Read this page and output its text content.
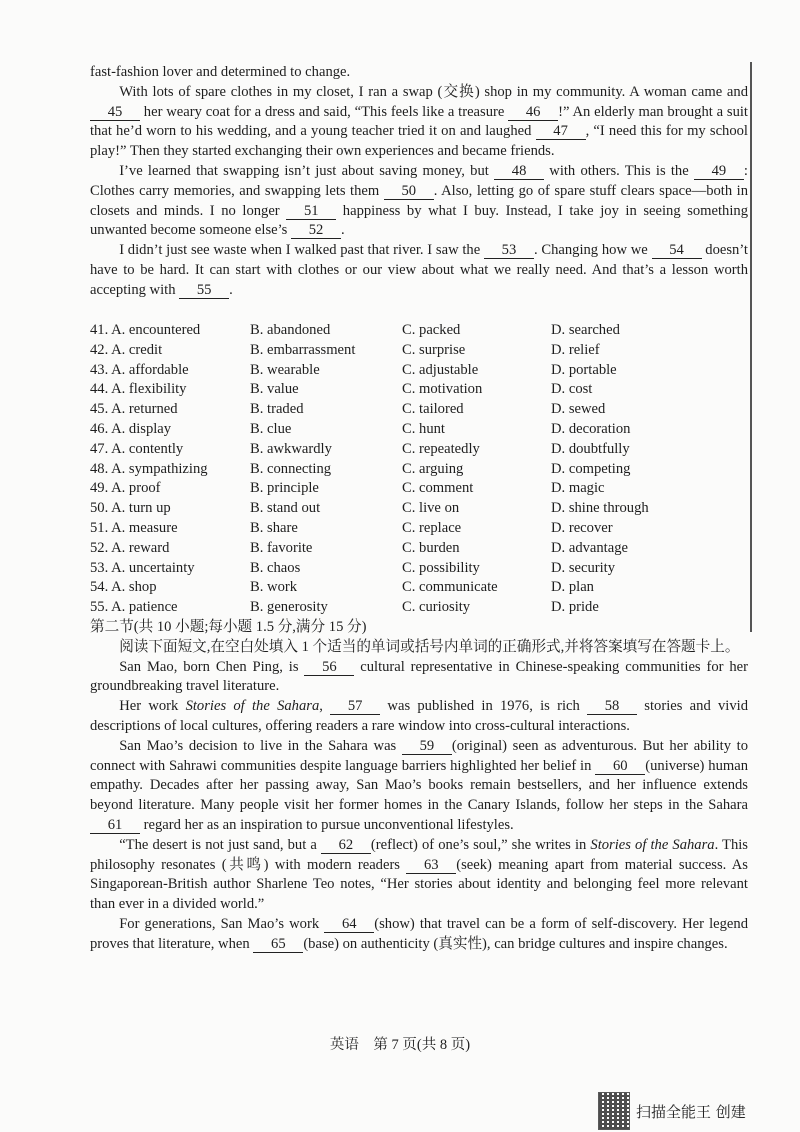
fast-fashion lover and determined to change.

With lots of spare clothes in my closet, I ran a swap (交换) shop in my community. A woman came and 45 her weary coat for a dress and said, “This feels like a treasure 46 !” An elderly man brought a suit that he’d worn to his wedding, and a young teacher tried it on and laughed 47 , “I need this for my school play!” Then they started exchanging their own experiences and became friends.

I’ve learned that swapping isn’t just about saving money, but 48 with others. This is the 49 : Clothes carry memories, and swapping lets them 50 . Also, letting go of spare stuff clears space—both in closets and minds. I no longer 51 happiness by what I buy. Instead, I take joy in seeing something unwanted become someone else’s 52 .

I didn’t just see waste when I walked past that river. I saw the 53 . Changing how we 54 doesn’t have to be hard. It can start with clothes or our view about what we really need. And that’s a lesson worth accepting with 55 .

41. A. encountered	B. abandoned	C. packed	D. searched
42. A. credit	B. embarrassment	C. surprise	D. relief
43. A. affordable	B. wearable	C. adjustable	D. portable
44. A. flexibility	B. value	C. motivation	D. cost
45. A. returned	B. traded	C. tailored	D. sewed
46. A. display	B. clue	C. hunt	D. decoration
47. A. contently	B. awkwardly	C. repeatedly	D. doubtfully
48. A. sympathizing	B. connecting	C. arguing	D. competing
49. A. proof	B. principle	C. comment	D. magic
50. A. turn up	B. stand out	C. live on	D. shine through
51. A. measure	B. share	C. replace	D. recover
52. A. reward	B. favorite	C. burden	D. advantage
53. A. uncertainty	B. chaos	C. possibility	D. security
54. A. shop	B. work	C. communicate	D. plan
55. A. patience	B. generosity	C. curiosity	D. pride

第二节(共 10 小题;每小题 1.5 分,满分 15 分)

阅读下面短文,在空白处填入 1 个适当的单词或括号内单词的正确形式,并将答案填写在答题卡上。

San Mao, born Chen Ping, is 56 cultural representative in Chinese-speaking communities for her groundbreaking travel literature.

Her work Stories of the Sahara, 57 was published in 1976, is rich 58 stories and vivid descriptions of local cultures, offering readers a rare window into cross-cultural interactions.

San Mao’s decision to live in the Sahara was 59 (original) seen as adventurous. But her ability to connect with Sahrawi communities despite language barriers highlighted her belief in 60 (universe) human empathy. Decades after her passing away, San Mao’s books remain bestsellers, and her influence extends beyond literature. Many people visit her former homes in the Canary Islands, follow her steps in the Sahara 61 regard her as an inspiration to pursue unconventional lifestyles.

“The desert is not just sand, but a 62 (reflect) of one’s soul,” she writes in Stories of the Sahara. This philosophy resonates (共鸣) with modern readers 63 (seek) meaning apart from material success. As Singaporean-British author Sharlene Teo notes, “Her stories about identity and belonging feel more relevant than ever in a divided world.”

For generations, San Mao’s work 64 (show) that travel can be a form of self-discovery. Her legend proves that literature, when 65 (base) on authenticity (真实性), can bridge cultures and inspire changes.

英语　第 7 页(共 8 页)
扫描全能王 创建
